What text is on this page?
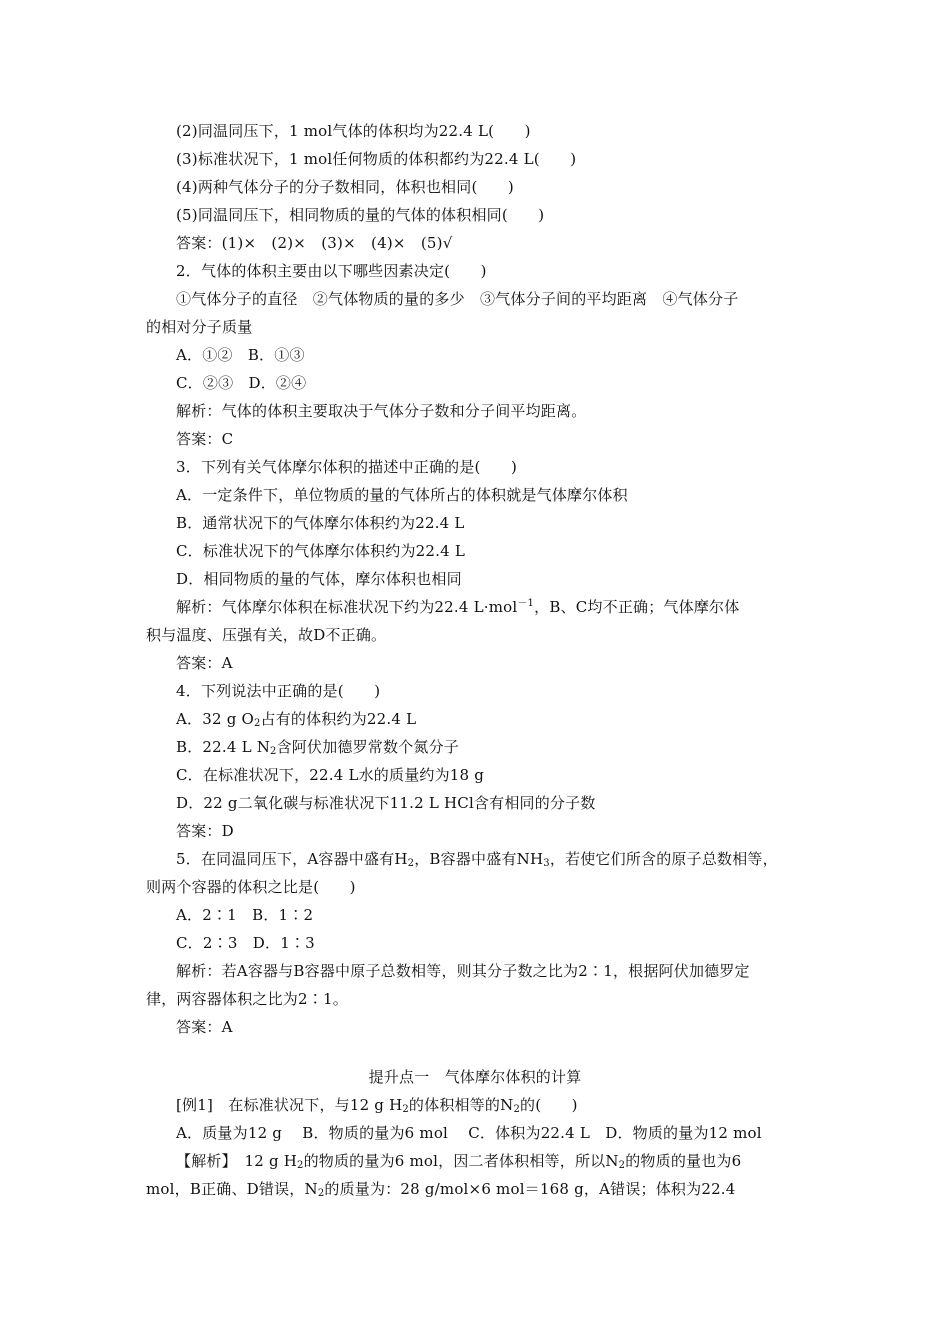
(2)同温同压下，1 mol气体的体积均为22.4 L(　　)
(3)标准状况下，1 mol任何物质的体积都约为22.4 L(　　)
(4)两种气体分子的分子数相同，体积也相同(　　)
(5)同温同压下，相同物质的量的气体的体积相同(　　)
答案：(1)×　(2)×　(3)×　(4)×　(5)√
2．气体的体积主要由以下哪些因素决定(　　)
①气体分子的直径　②气体物质的量的多少　③气体分子间的平均距离　④气体分子
的相对分子质量
A．①②　B．①③
C．②③　D．②④
解析：气体的体积主要取决于气体分子数和分子间平均距离。
答案：C
3．下列有关气体摩尔体积的描述中正确的是(　　)
A．一定条件下，单位物质的量的气体所占的体积就是气体摩尔体积
B．通常状况下的气体摩尔体积约为22.4 L
C．标准状况下的气体摩尔体积约为22.4 L
D．相同物质的量的气体，摩尔体积也相同
解析：气体摩尔体积在标准状况下约为22.4 L·mol$^{-1}$，B、C均不正确；气体摩尔体
积与温度、压强有关，故D不正确。
答案：A
4．下列说法中正确的是(　　)
A．32 g $O_2$占有的体积约为22.4 L
B．22.4 L $N_2$含阿伏加德罗常数个氮分子
C．在标准状况下，22.4 L水的质量约为18 g
D．22 g二氧化碳与标准状况下11.2 L HCl含有相同的分子数
答案：D
5．在同温同压下，A容器中盛有$H_2$，B容器中盛有$NH_3$，若使它们所含的原子总数相等，
则两个容器的体积之比是(　　)
A．2∶1　B．1∶2
C．2∶3　D．1∶3
解析：若A容器与B容器中原子总数相等，则其分子数之比为2∶1，根据阿伏加德罗定
律，两容器体积之比为2∶1。
答案：A
提升点一　气体摩尔体积的计算
[例1]　在标准状况下，与12 g $H_2$的体积相等的$N_2$的(　　)
A．质量为12 g　 B．物质的量为6 mol　 C．体积为22.4 L　D．物质的量为12 mol
【解析】　12 g $H_2$的物质的量为6 mol，因二者体积相等，所以$N_2$的物质的量也为6
mol，B正确、D错误，$N_2$的质量为：28 g/mol×6 mol＝168 g，A错误；体积为22.4
